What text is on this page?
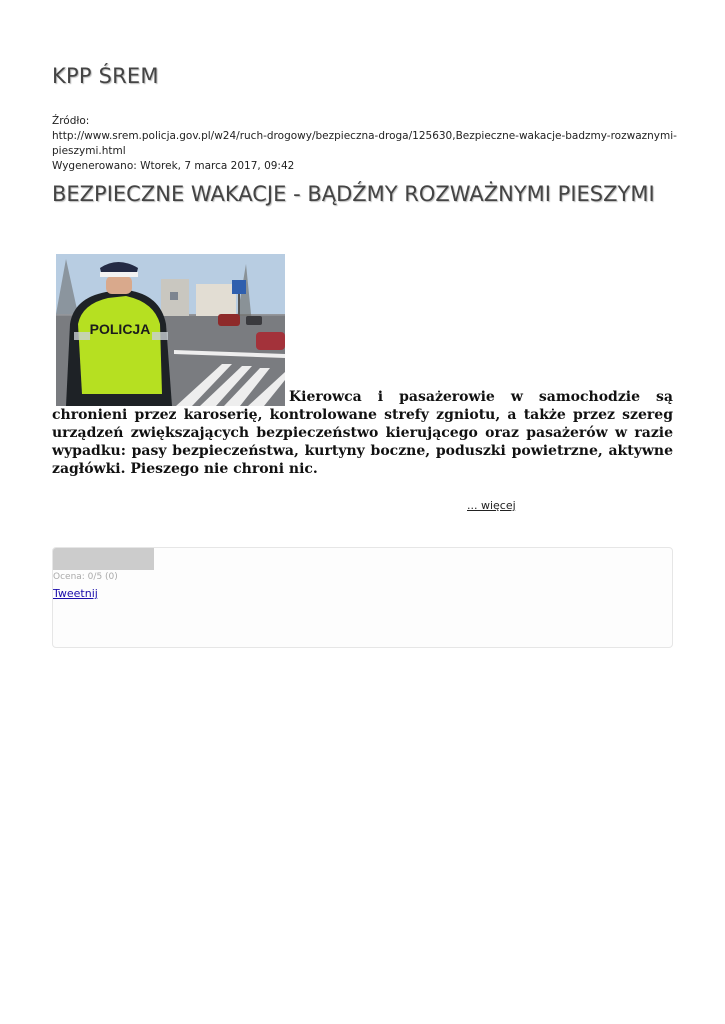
KPP ŚREM
Źródło:
http://www.srem.policja.gov.pl/w24/ruch-drogowy/bezpieczna-droga/125630,Bezpieczne-wakacje-badzmy-rozwaznymi-pieszymi.html
Wygenerowano: Wtorek, 7 marca 2017, 09:42
BEZPIECZNE WAKACJE - BĄDŹMY ROZWAŻNYMI PIESZYMI
POLICJA
Kierowca i pasażerowie w samochodzie są chronieni przez karoserię, kontrolowane strefy zgniotu, a także przez szereg urządzeń zwiększających bezpieczeństwo kierującego oraz pasażerów w razie wypadku: pasy bezpieczeństwa, kurtyny boczne, poduszki powietrzne, aktywne zagłówki. Pieszego nie chroni nic.
... więcej
Ocena: 0/5 (0)
Tweetnij
